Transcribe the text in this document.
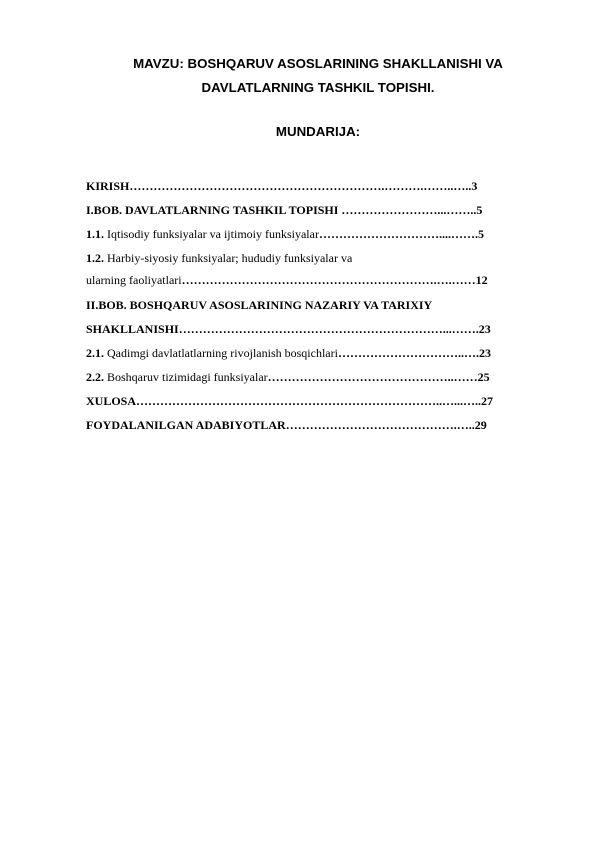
MAVZU: BOSHQARUV ASOSLARINING SHAKLLANISHI VA

DAVLATLARNING TASHKIL TOPISHI.

MUNDARIJA:

KIRISH……………………………………………………….……….……..…..3
I.BOB. DAVLATLARNING TASHKIL TOPISHI ……………………...……..5
1.1. Iqtisodiy funksiyalar va ijtimoiy funksiyalar…………………………....…….5
1.2. Harbiy-siyosiy funksiyalar; hududiy funksiyalar va
ularning faoliyatlari……………………………………………………….….……12
II.BOB. BOSHQARUV ASOSLARINING NAZARIY VA TARIXIY
SHAKLLANISHI…………………………………………………………...…….23
2.1. Qadimgi davlatlatlarning rivojlanish bosqichlari…………………………..….23
2.2. Boshqaruv tizimidagi funksiyalar………………………………………..……25
XULOSA…………………………………………………………………..…...…..27
FOYDALANILGAN ADABIYOTLAR…………………………………….…..29
